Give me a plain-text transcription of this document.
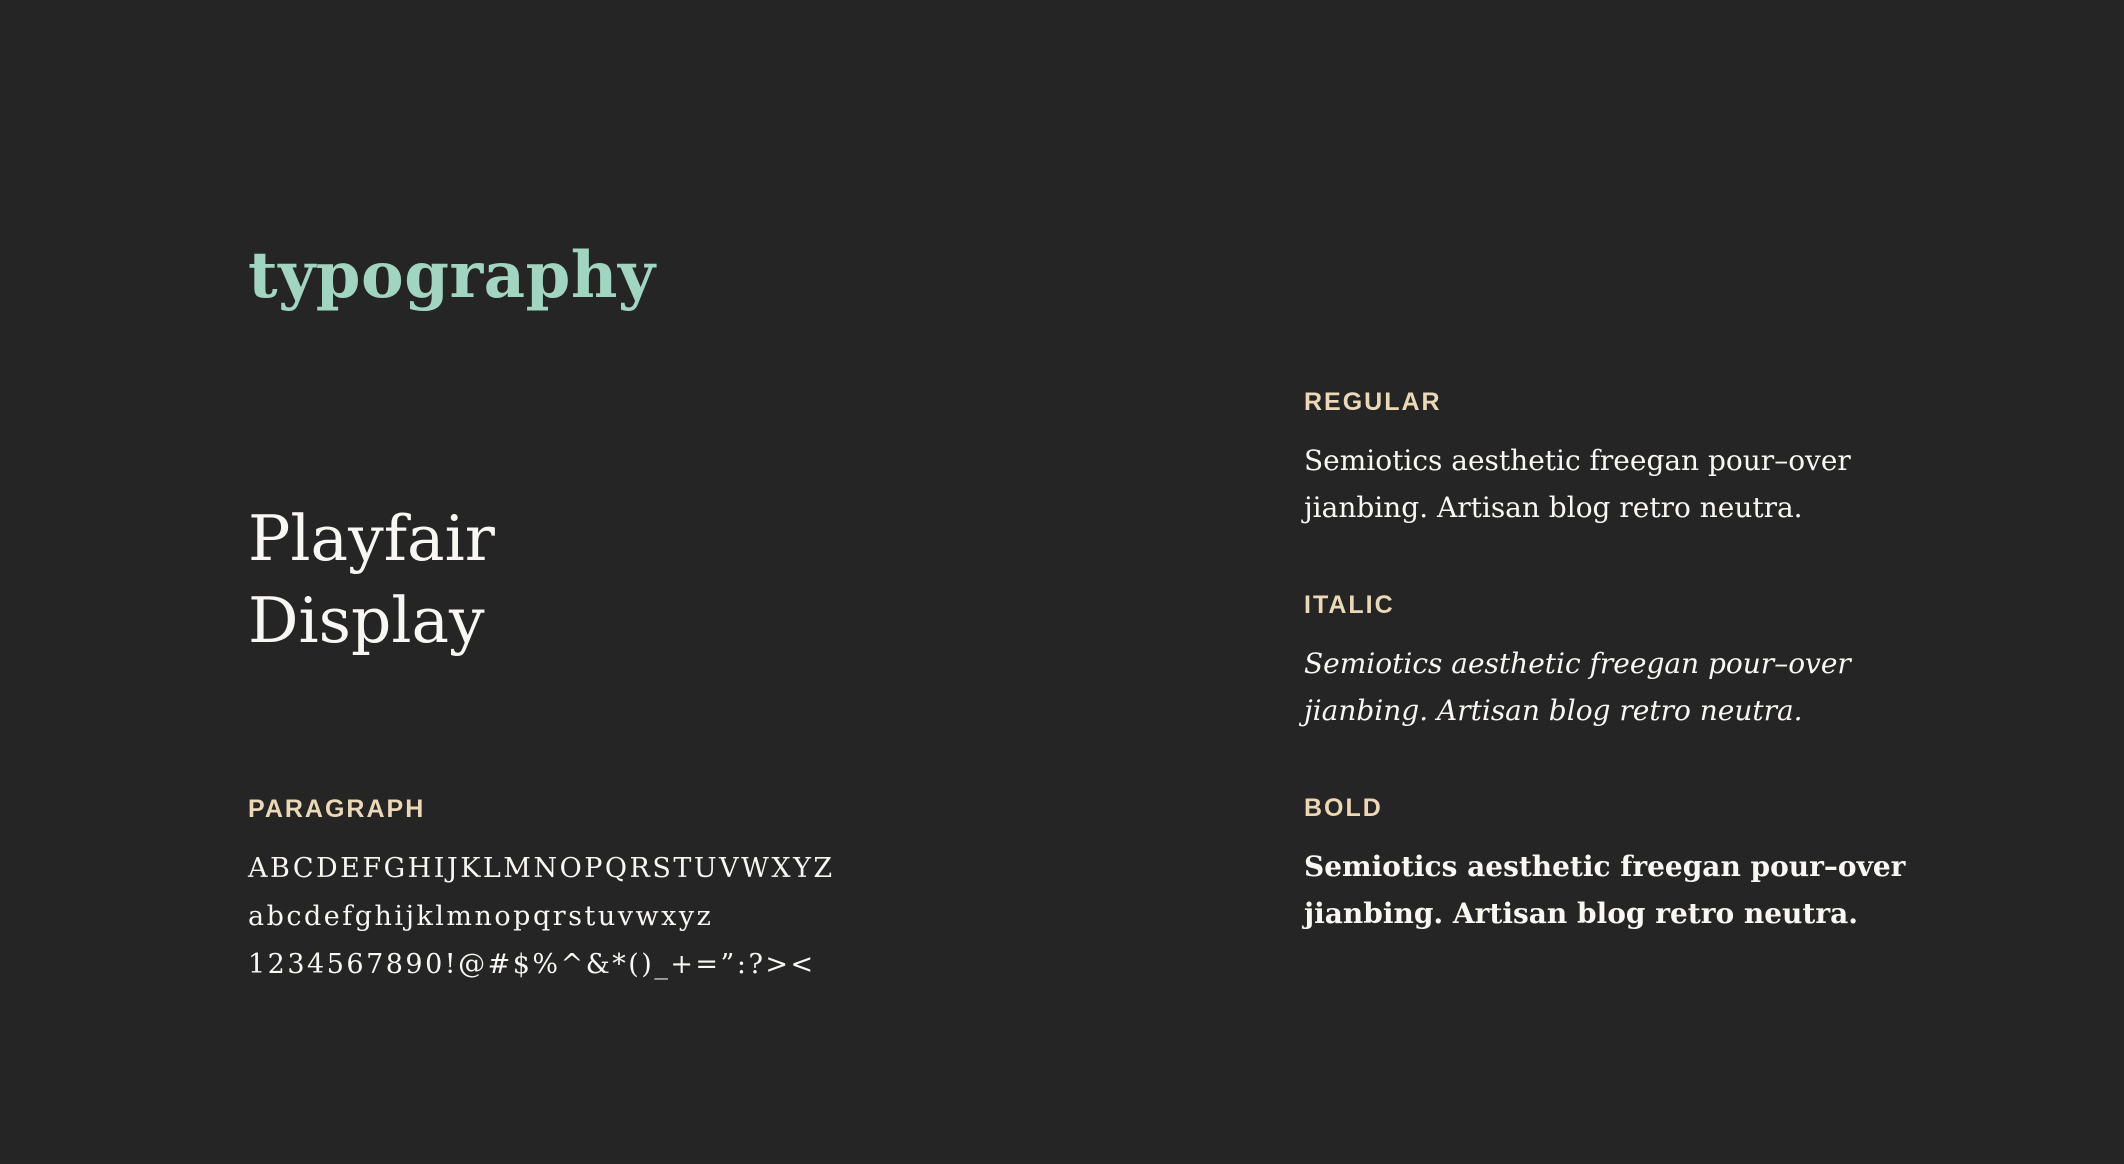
typography
Playfair
Display
PARAGRAPH
ABCDEFGHIJKLMNOPQRSTUVWXYZ
abcdefghijklmnopqrstuvwxyz
1234567890!@#$%^&*()_+=”:?><
REGULAR
Semiotics aesthetic freegan pour–over
jianbing. Artisan blog retro neutra.
ITALIC
Semiotics aesthetic freegan pour–over
jianbing. Artisan blog retro neutra.
BOLD
Semiotics aesthetic freegan pour–over
jianbing. Artisan blog retro neutra.
